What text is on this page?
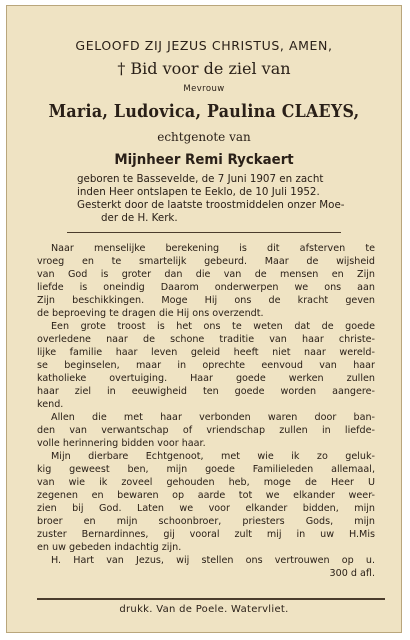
GELOOFD ZIJ JEZUS CHRISTUS, AMEN,
† Bid voor de ziel van
Mevrouw
Maria, Ludovica, Paulina CLAEYS,
echtgenote van
Mijnheer Remi Ryckaert
geboren te Bassevelde, de 7 Juni 1907 en zacht
inden Heer ontslapen te Eeklo, de 10 Juli 1952.
Gesterkt door de laatste troostmiddelen onzer Moe-
der de H. Kerk.
Naar menselijke berekening is dit afsterven te
vroeg en te smartelijk gebeurd. Maar de wijsheid
van God is groter dan die van de mensen en Zijn
liefde is oneindig Daarom onderwerpen we ons aan
Zijn beschikkingen. Moge Hij ons de kracht geven
de beproeving te dragen die Hij ons overzendt.
Een grote troost is het ons te weten dat de goede
overledene naar de schone traditie van haar christe-
lijke familie haar leven geleid heeft niet naar wereld-
se beginselen, maar in oprechte eenvoud van haar
katholieke overtuiging. Haar goede werken zullen
haar ziel in eeuwigheid ten goede worden aangere-
kend.
Allen die met haar verbonden waren door ban-
den van verwantschap of vriendschap zullen in liefde-
volle herinnering bidden voor haar.
Mijn dierbare Echtgenoot, met wie ik zo geluk-
kig geweest ben, mijn goede Familieleden allemaal,
van wie ik zoveel gehouden heb, moge de Heer U
zegenen en bewaren op aarde tot we elkander weer-
zien bij God. Laten we voor elkander bidden, mijn
broer en mijn schoonbroer, priesters Gods, mijn
zuster Bernardinnes, gij vooral zult mij in uw H.Mis
en uw gebeden indachtig zijn.
H. Hart van Jezus, wij stellen ons vertrouwen op u.
300 d afl.
drukk. Van de Poele. Watervliet.
